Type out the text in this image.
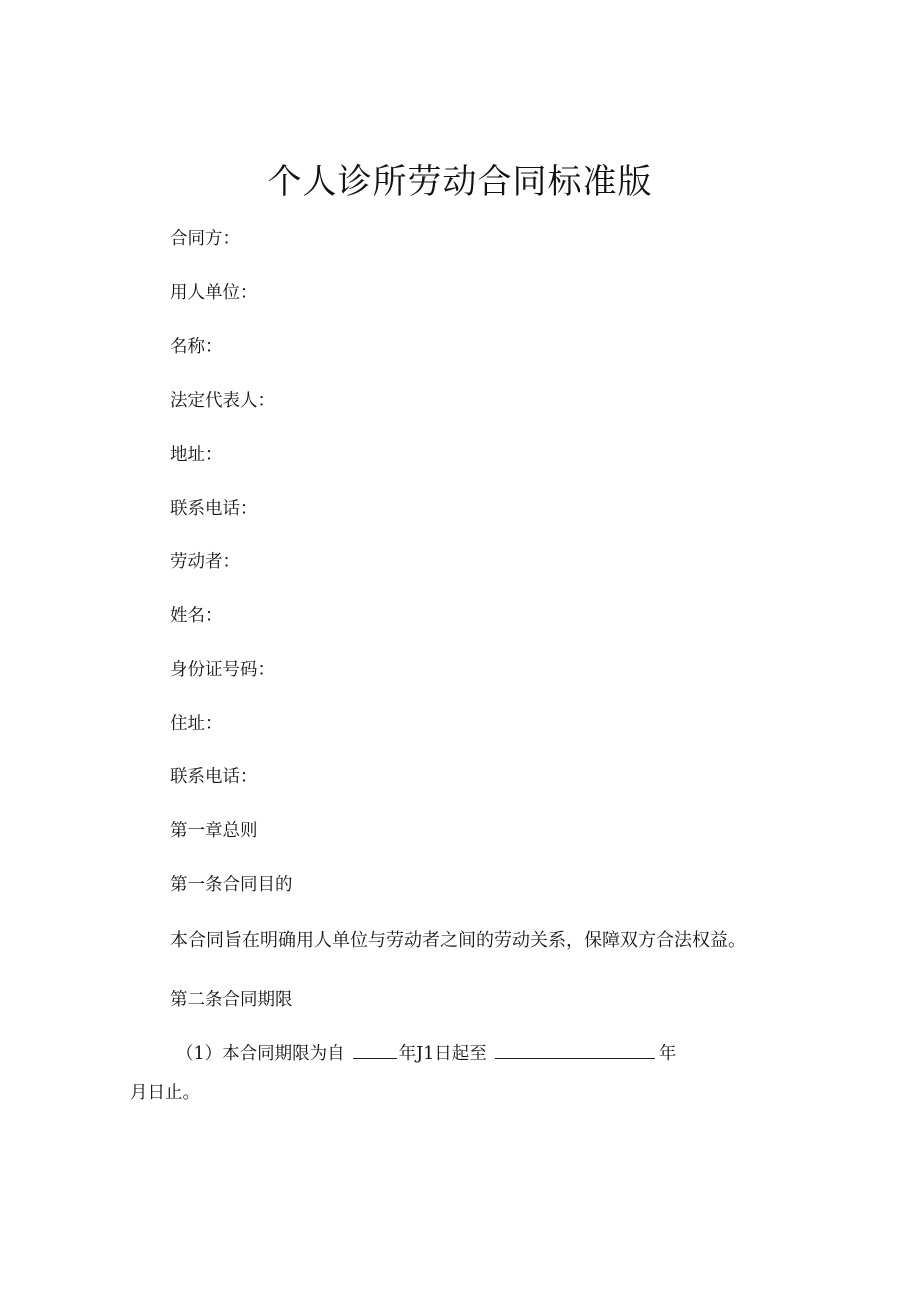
个人诊所劳动合同标准版
合同方：
用人单位：
名称：
法定代表人：
地址：
联系电话：
劳动者：
姓名：
身份证号码：
住址：
联系电话：
第一章总则
第一条合同目的
本合同旨在明确用人单位与劳动者之间的劳动关系，保障双方合法权益。
第二条合同期限
（1）本合同期限为自	年J1日起至	年
月日止。
